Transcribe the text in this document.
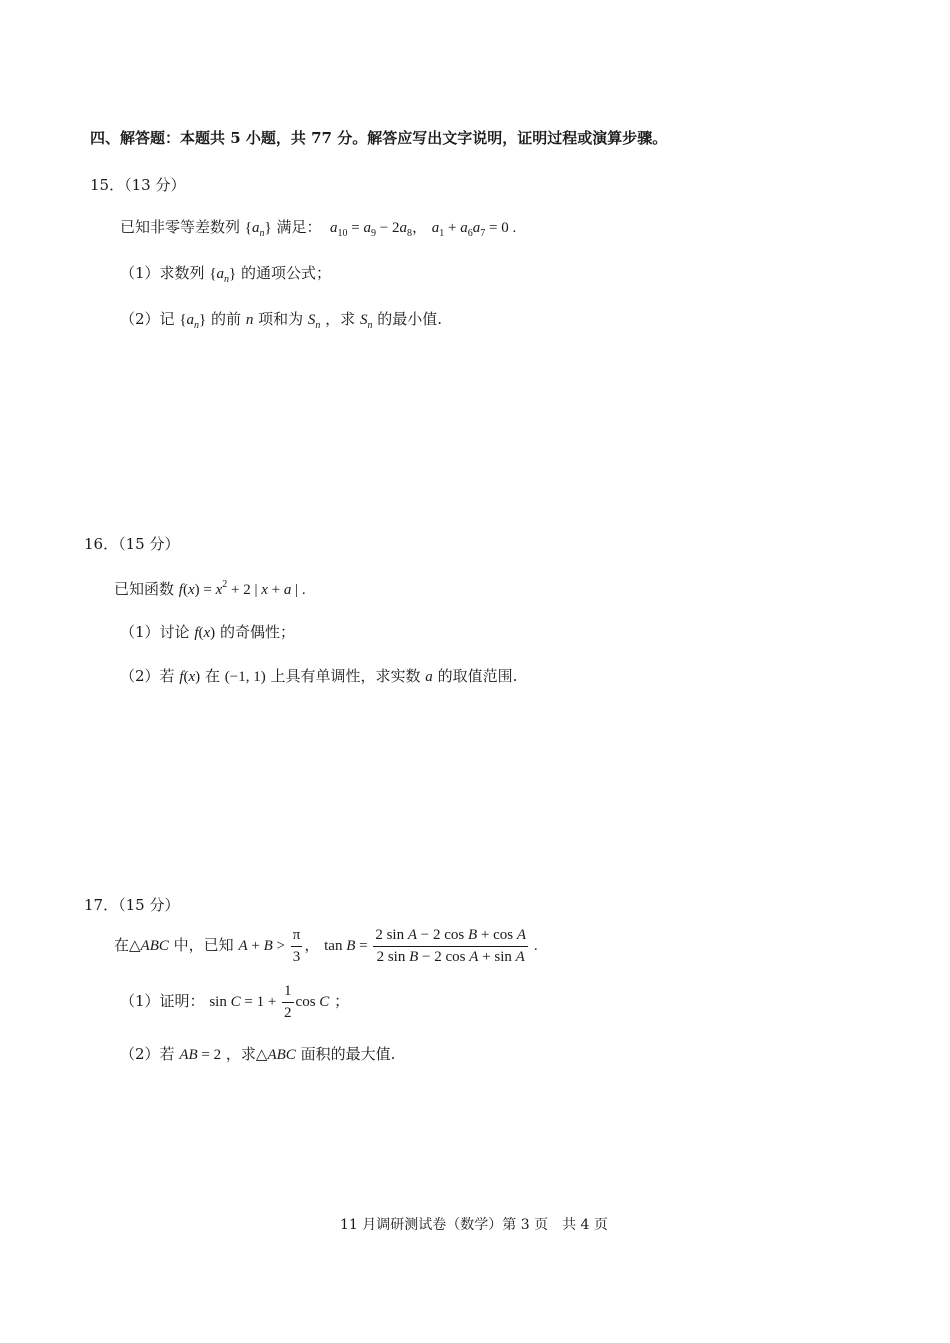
四、解答题：本题共 5 小题，共 77 分。解答应写出文字说明，证明过程或演算步骤。
15．（13 分）
已知非零等差数列 $\{a_n\}$ 满足： $a_{10} = a_9 - 2a_8$， $a_1 + a_6a_7 = 0$ .
（1）求数列 $\{a_n\}$ 的通项公式；
（2）记 $\{a_n\}$ 的前 n 项和为 $S_n$ ，求 $S_n$ 的最小值.
16．（15 分）
已知函数 $f(x) = x^2 + 2$ | x + a | .
（1）讨论 f(x) 的奇偶性；
（2）若 f(x) 在 (−1, 1) 上具有单调性，求实数 a 的取值范围.
17．（15 分）
在△ABC 中，已知 $A + B > \frac{\pi}{3}$ ， $\tan B = \frac{\text{2 sin A − 2 cos B + cos A}}{\text{2 sin B − 2 cos A + sin A}}$ .
（1）证明： $\sin C = 1 + \frac{1}{2}$ cos C ；
（2）若 AB = 2 ，求△ABC 面积的最大值.
11 月调研测试卷（数学）第 3 页　共 4 页
